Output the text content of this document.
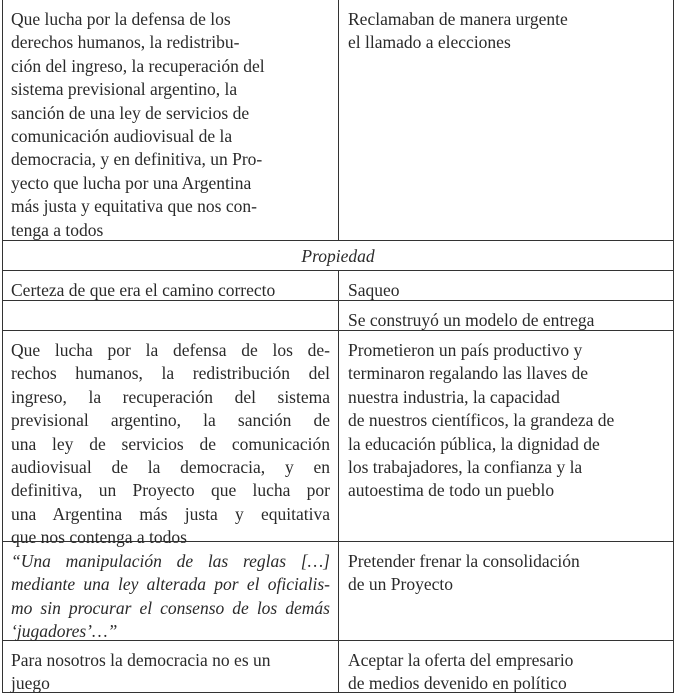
Que lucha por la defensa de los
derechos humanos, la redistribu-
ción del ingreso, la recuperación del
sistema previsional argentino, la
sanción de una ley de servicios de
comunicación audiovisual de la
democracia, y en definitiva, un Pro-
yecto que lucha por una Argentina
más justa y equitativa que nos con-
tenga a todos
Reclamaban de manera urgente
el llamado a elecciones
Propiedad
Certeza de que era el camino correcto	Saqueo
Se construyó un modelo de entrega
Que lucha por la defensa de los de-
rechos humanos, la redistribución del
ingreso, la recuperación del sistema
previsional argentino, la sanción de
una ley de servicios de comunicación
audiovisual de la democracia, y en
definitiva, un Proyecto que lucha por
una Argentina más justa y equitativa
que nos contenga a todos
Prometieron un país productivo y
terminaron regalando las llaves de
nuestra industria, la capacidad
de nuestros científicos, la grandeza de
la educación pública, la dignidad de
los trabajadores, la confianza y la
autoestima de todo un pueblo
“Una manipulación de las reglas […]
mediante una ley alterada por el oficialis-
mo sin procurar el consenso de los demás
‘jugadores’…”
Pretender frenar la consolidación
de un Proyecto
Para nosotros la democracia no es un
juego
Aceptar la oferta del empresario
de medios devenido en político
